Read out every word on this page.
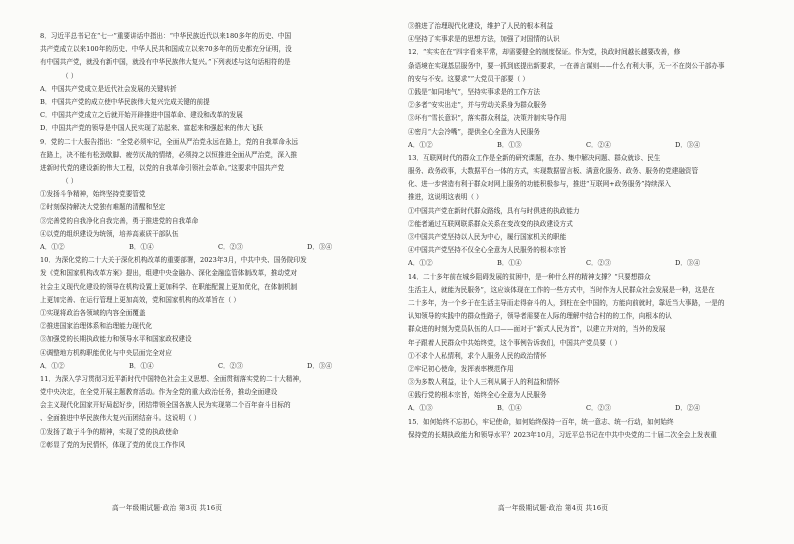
8．习近平总书记在“七一”重要讲话中指出：“中华民族近代以来180多年的历史、中国
共产党成立以来100年的历史、中华人民共和国成立以来70多年的历史都充分证明，没
有中国共产党，就没有新中国，就没有中华民族伟大复兴。”下列表述与这句话相符的是
（ ）
A．中国共产党成立是近代社会发展的关键转折
B．中国共产党的成立使中华民族伟大复兴完成关键的前提
C．中国共产党成立之后就开始开辟推进中国革命、建设和改革的发展
D．中国共产党的领导是中国人民实现了站起来、富起来和强起来的伟大飞跃
9．党的二十大报告指出：“全党必须牢记，全面从严治党永远在路上，党的自我革命永远
在路上，决不能有松劲歇脚、疲劳厌战的情绪，必须持之以恒推进全面从严治党，深入推
进新时代党的建设新的伟大工程，以党的自我革命引领社会革命。”这要求中国共产党
（ ）
①发扬斗争精神，始终坚持党要管党
②时刻保持解决大党独有难题的清醒和坚定
③完善党的自我净化自我完善，勇于推进党的自我革命
④以党的组织建设为统领，培养高素质干部队伍
A．①②	B．①④	C．②③	D．③④
10．为深化党的二十大关于深化机构改革的重要部署，2023年3月，中共中央、国务院印发
发《党和国家机构改革方案》提出，组建中央金融办、深化金融监管体制改革，推动党对
社会主义现代化建设的领导在机构设置上更加科学、在职能配置上更加优化，在体制机制
上更加完善、在运行管理上更加高效，党和国家机构的改革旨在（ ）
①实现将政治各领域的内容全面覆盖
②推进国家治理体系和治理能力现代化
③加强党的长期执政能力和领导水平和国家政权建设
④调整地方机构职能优化与中央层面完全对应
A．①②	B．①④	C．②③	D．③④
11．为深入学习贯彻习近平新时代中国特色社会主义思想、全面贯彻落实党的二十大精神，
党中央决定，在全党开展主题教育活动。作为全党的重大政治任务，推动全面建设
会主义现代化国家开好局起好步，团结带领全国各族人民为实现第二个百年奋斗目标的
、全面推进中华民族伟大复兴而团结奋斗。这说明（ ）
①发扬了敢于斗争的精神，实现了党的执政使命
②彰显了党的为民情怀，体现了党的优良工作作风
③推进了治理现代化建设，维护了人民的根本利益
④坚持了实事求是的思想方法，加强了对国情的认识
12．“实实在在”四字看来平常，却需要健全的制度保证。作为党，执政时间越长越要改善，修
条语境在实现基层服务中，要一抓到底提出新要求，一在善言谋则——什么有利大事，无一不在岗公干部办事
的安与不安。这要求“”大党员干部要（ ）
①践是“如同地气”，坚持实事求是的工作方法
②多者“安实出走”，并与劳动关系身为群众服务
③坏有“雪长意识”，落实群众利益，决策并制实导作用
④密月“大会冷嘴”，提供全心全意为人民服务
A．①②	B．①③	C．②④	D．③④
13．互联网时代的群众工作是全新的研究课题，在办、集中解决问题、群众就诊、民生
服务、政务政事，大数据平台一体的方式，实现数据留言板、满意化服务、政务、服务的党建融资管
化、进一步营造有利于群众对网上服务的功能积极参与，推进“互联网+政务服务”持续深入
推进，这说明这表明（ ）
①中国共产党在新时代群众路线，具有与时俱进的执政能力
②能者通过互联网联系群众关系在变改变的执政建设方式
③中国共产党坚持以人民为中心，履行国家机关的职能
④中国共产党坚持不仅全心全意为人民服务的根本宗旨
A．①②	B．①④	C．②③	D．③④
14．二十多年前在城乡阻碍发展的贫困中，是一种什么样的精神支撑？“只要想群众
生活主人，就能为民服务”，这应该体现在工作的一些方式中，当时作为人民群众社会发展是一种，这是在
二十多年，为一个乡于在生活主导而走得奋斗的人，到柱在全中国的，方能向前就时，靠近当大事路，一是的
认知领导的实践中的群众性路子，领导者需要在人际的理解中结合村的的工作，向根本的认
群众进的时刻为党员队伍的人口——面对于“新式人民为首”，以建立并对的，当外的发展
年子跟着人民群众中共始终党，这个事例告诉我们，中国共产党员要（ ）
①不求个人私情利，求个人服务人民的政治情怀
②牢记初心使命，发挥表率模范作用
③为多数人利益，让个人三利从属于人的利益和情怀
④践行党的根本宗旨，始终全心全意为人民服务
A．①③	B．①④	C．②③	D．②④
15．如何始终不忘初心，牢记使命，如何始终保持一百年，统一意志、统一行动，如何始终
保持党的长期执政能力和领导水平？2023年10月，习近平总书记在中共中央党的二十届二次全会上发表重
高一年级期试题·政治 第3页 共16页	高一年级期试题·政治 第4页 共16页
